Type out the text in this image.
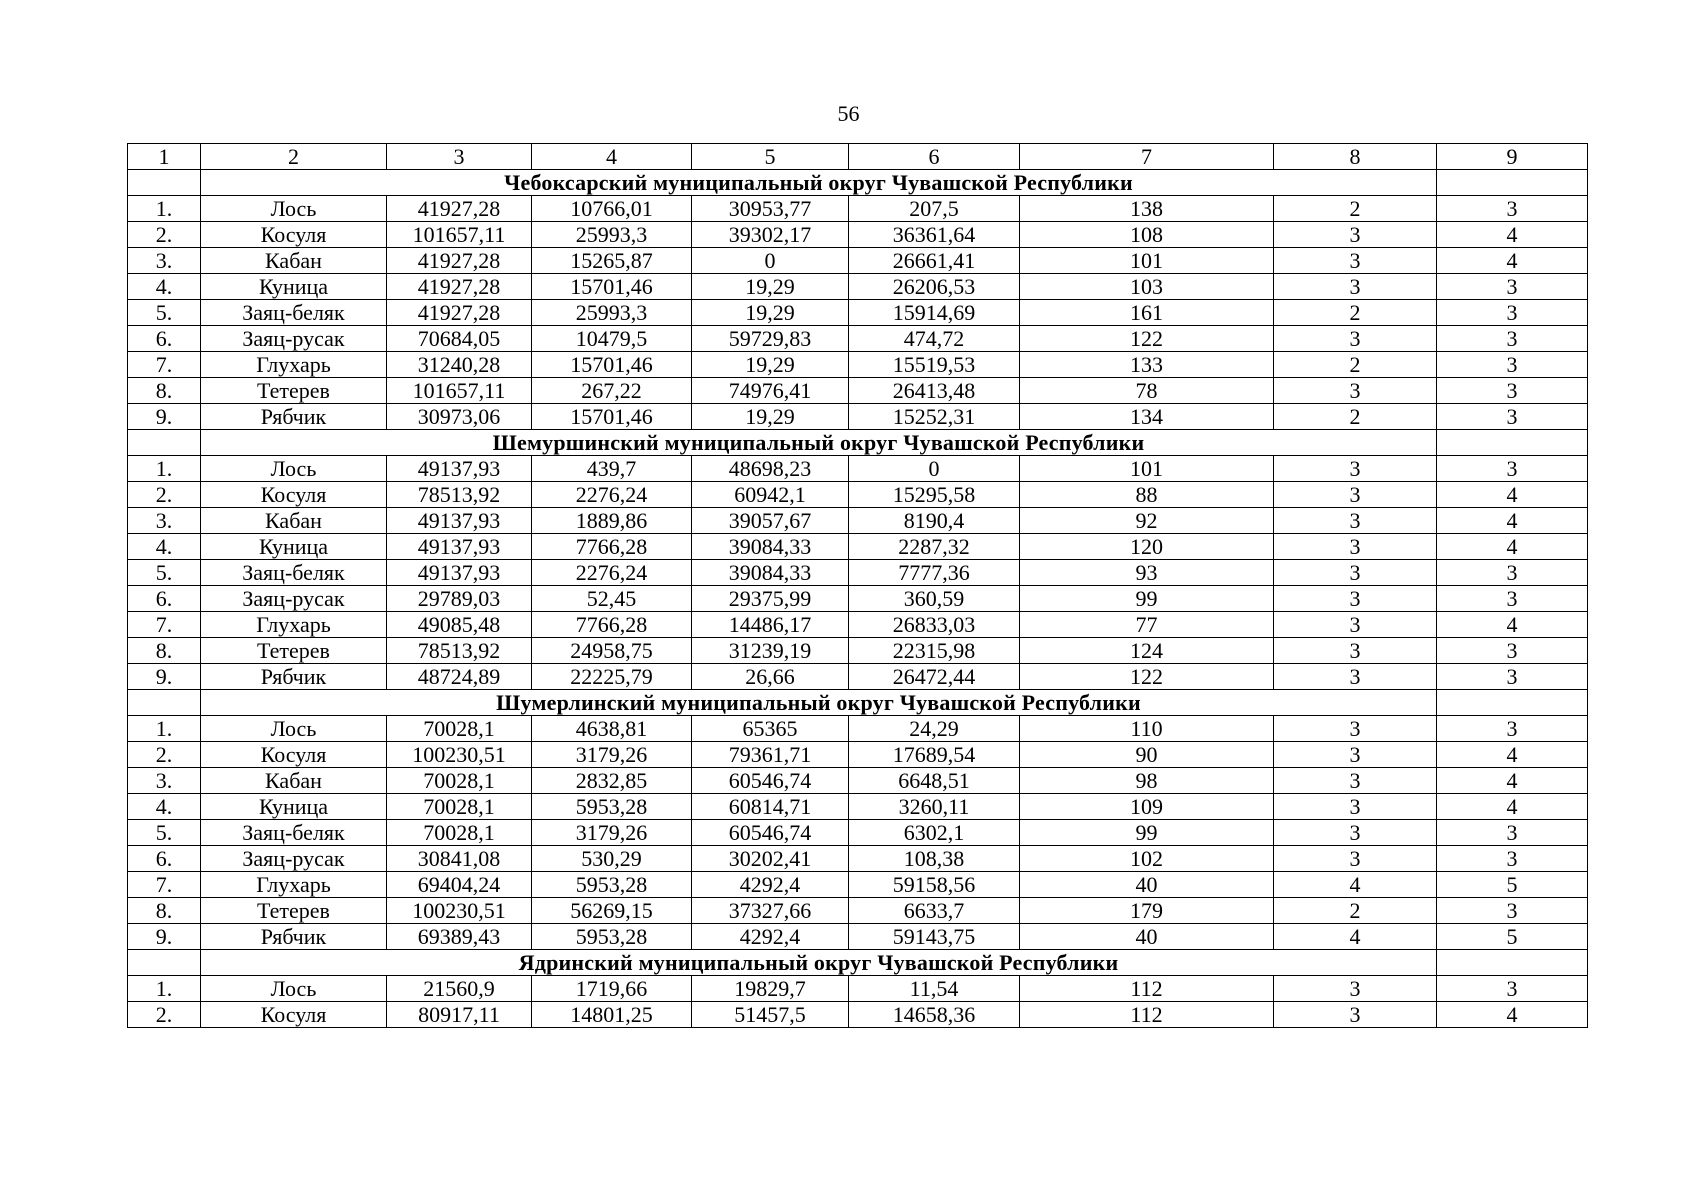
56
1	2	3	4	5	6	7	8	9
	Чебоксарский муниципальный округ Чувашской Республики							
1.	Лось	41927,28	10766,01	30953,77	207,5	138	2	3
2.	Косуля	101657,11	25993,3	39302,17	36361,64	108	3	4
3.	Кабан	41927,28	15265,87	0	26661,41	101	3	4
4.	Куница	41927,28	15701,46	19,29	26206,53	103	3	3
5.	Заяц-беляк	41927,28	25993,3	19,29	15914,69	161	2	3
6.	Заяц-русак	70684,05	10479,5	59729,83	474,72	122	3	3
7.	Глухарь	31240,28	15701,46	19,29	15519,53	133	2	3
8.	Тетерев	101657,11	267,22	74976,41	26413,48	78	3	3
9.	Рябчик	30973,06	15701,46	19,29	15252,31	134	2	3
	Шемуршинский муниципальный округ Чувашской Республики							
1.	Лось	49137,93	439,7	48698,23	0	101	3	3
2.	Косуля	78513,92	2276,24	60942,1	15295,58	88	3	4
3.	Кабан	49137,93	1889,86	39057,67	8190,4	92	3	4
4.	Куница	49137,93	7766,28	39084,33	2287,32	120	3	4
5.	Заяц-беляк	49137,93	2276,24	39084,33	7777,36	93	3	3
6.	Заяц-русак	29789,03	52,45	29375,99	360,59	99	3	3
7.	Глухарь	49085,48	7766,28	14486,17	26833,03	77	3	4
8.	Тетерев	78513,92	24958,75	31239,19	22315,98	124	3	3
9.	Рябчик	48724,89	22225,79	26,66	26472,44	122	3	3
	Шумерлинский муниципальный округ Чувашской Республики							
1.	Лось	70028,1	4638,81	65365	24,29	110	3	3
2.	Косуля	100230,51	3179,26	79361,71	17689,54	90	3	4
3.	Кабан	70028,1	2832,85	60546,74	6648,51	98	3	4
4.	Куница	70028,1	5953,28	60814,71	3260,11	109	3	4
5.	Заяц-беляк	70028,1	3179,26	60546,74	6302,1	99	3	3
6.	Заяц-русак	30841,08	530,29	30202,41	108,38	102	3	3
7.	Глухарь	69404,24	5953,28	4292,4	59158,56	40	4	5
8.	Тетерев	100230,51	56269,15	37327,66	6633,7	179	2	3
9.	Рябчик	69389,43	5953,28	4292,4	59143,75	40	4	5
	Ядринский муниципальный округ Чувашской Республики							
1.	Лось	21560,9	1719,66	19829,7	11,54	112	3	3
2.	Косуля	80917,11	14801,25	51457,5	14658,36	112	3	4
